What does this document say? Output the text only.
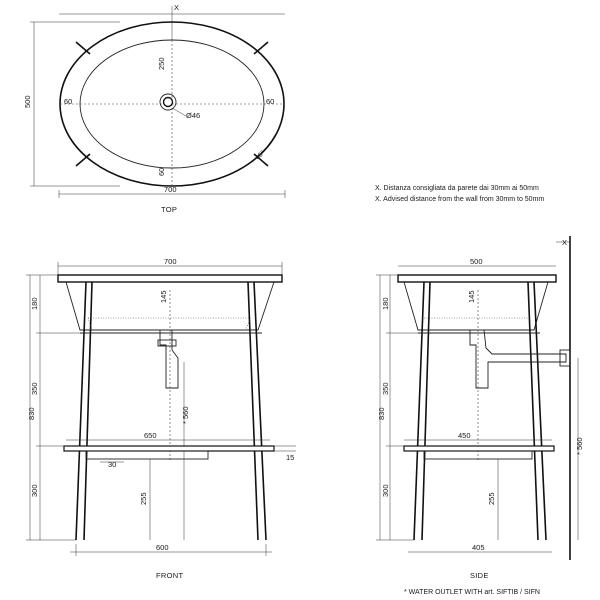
X
500
Ø46
250
60
60	60
45°
700
TOP
X. Distanza consigliata da parete dai 30mm ai 50mm
X. Advised distance from the wall from 30mm to 50mm
700
145
* 560
650
15
30
255
830
180
350
300
600
FRONT
X
500
145
* 560
450
255
830
180
350
300
405
SIDE
* WATER OUTLET WITH art. SIFTIB / SIFN
